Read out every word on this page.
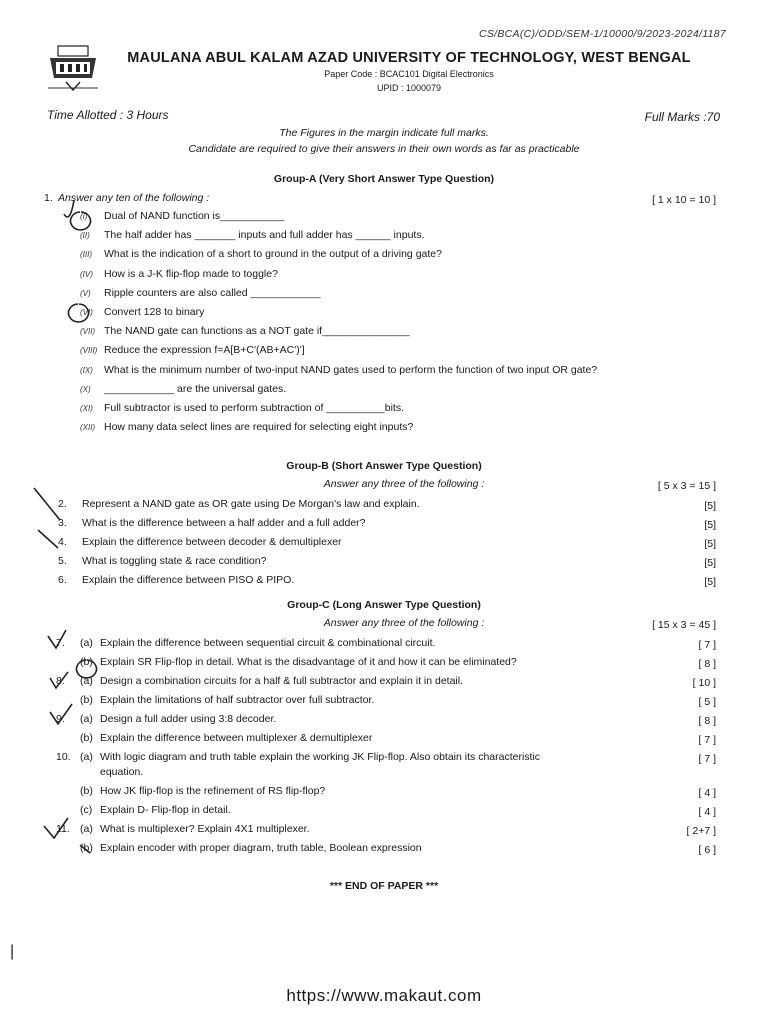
CS/BCA(C)/ODD/SEM-1/10000/9/2023-2024/1187
MAULANA ABUL KALAM AZAD UNIVERSITY OF TECHNOLOGY, WEST BENGAL
Paper Code : BCAC101 Digital Electronics
UPID : 1000079
Time Allotted : 3 Hours	Full Marks :70
The Figures in the margin indicate full marks.
Candidate are required to give their answers in their own words as far as practicable
Group-A (Very Short Answer Type Question)
1. Answer any ten of the following :	[ 1 x 10 = 10 ]
(I) Dual of NAND function is___________
(II) The half adder has _______ inputs and full adder has ______ inputs.
(III) What is the indication of a short to ground in the output of a driving gate?
(IV) How is a J-K flip-flop made to toggle?
(V) Ripple counters are also called ____________
(VI) Convert 128 to binary
(VII) The NAND gate can functions as a NOT gate if_______________
(VIII) Reduce the expression f=A[B+C'(AB+AC')']
(IX) What is the minimum number of two-input NAND gates used to perform the function of two input OR gate?
(X) ____________ are the universal gates.
(XI) Full subtractor is used to perform subtraction of __________bits.
(XII) How many data select lines are required for selecting eight inputs?
Group-B (Short Answer Type Question)
Answer any three of the following :	[ 5 x 3 = 15 ]
2. Represent a NAND gate as OR gate using De Morgan's law and explain.	[5]
3. What is the difference between a half adder and a full adder?	[5]
4. Explain the difference between decoder & demultiplexer	[5]
5. What is toggling state & race condition?	[5]
6. Explain the difference between PISO & PIPO.	[5]
Group-C (Long Answer Type Question)
Answer any three of the following :	[ 15 x 3 = 45 ]
7. (a) Explain the difference between sequential circuit & combinational circuit.	[ 7 ]
(b) Explain SR Flip-flop in detail. What is the disadvantage of it and how it can be eliminated?	[ 8 ]
8. (a) Design a combination circuits for a half & full subtractor and explain it in detail.	[ 10 ]
(b) Explain the limitations of half subtractor over full subtractor.	[ 5 ]
9. (a) Design a full adder using 3:8 decoder.	[ 8 ]
(b) Explain the difference between multiplexer & demultiplexer	[ 7 ]
10. (a) With logic diagram and truth table explain the working JK Flip-flop. Also obtain its characteristic	[ 7 ]
equation.
(b) How JK flip-flop is the refinement of RS flip-flop?	[ 4 ]
(c) Explain D- Flip-flop in detail.	[ 4 ]
11. (a) What is multiplexer? Explain 4X1 multiplexer.	[ 2+7 ]
(b) Explain encoder with proper diagram, truth table, Boolean expression	[ 6 ]
*** END OF PAPER ***
|
https://www.makaut.com
